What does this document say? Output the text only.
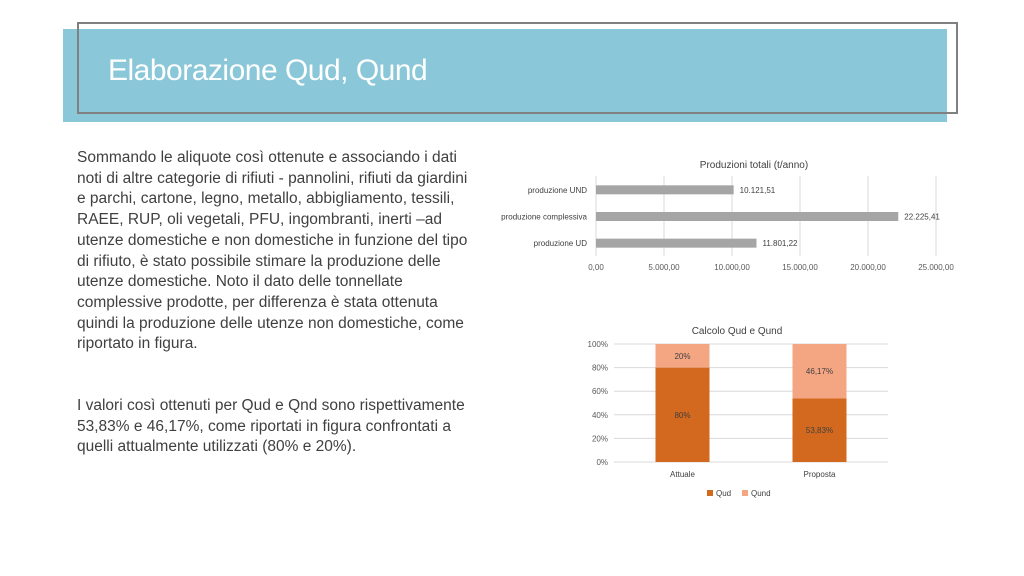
Elaborazione Qud, Qund

Sommando le aliquote così ottenute e associando i dati noti di altre categorie di rifiuti - pannolini, rifiuti da giardini e parchi, cartone, legno, metallo, abbigliamento, tessili, RAEE, RUP, oli vegetali, PFU, ingombranti, inerti –ad utenze domestiche e non domestiche in funzione del tipo di rifiuto, è stato possibile stimare la produzione delle utenze domestiche. Noto il dato delle tonnellate complessive prodotte, per differenza è stata ottenuta quindi la produzione delle utenze non domestiche, come riportato in figura.

I valori così ottenuti per Qud e Qnd sono rispettivamente 53,83% e 46,17%, come riportati in figura confrontati a quelli attualmente utilizzati (80% e 20%).

Produzioni totali (t/anno)
0,00	5.000,00	10.000,00	15.000,00	20.000,00	25.000,00
produzione UND	10.121,51
produzione complessiva	22.225,41
produzione UD	11.801,22
Calcolo Qud e Qund
0%
20%
40%
60%
80%
100%
80%
20%
Attuale
53,83%
46,17%
Proposta
Qud Qund
